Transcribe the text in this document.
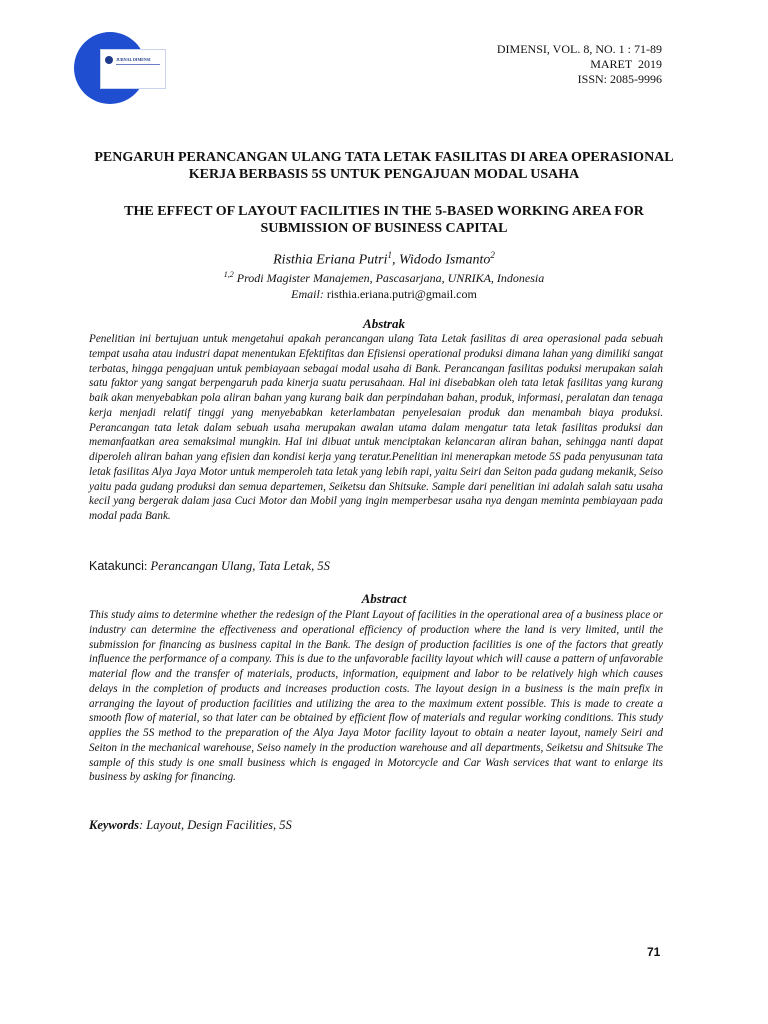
JURNAL DIMENSI
DIMENSI, VOL. 8, NO. 1 : 71-89
MARET  2019
ISSN: 2085-9996
PENGARUH PERANCANGAN ULANG TATA LETAK FASILITAS DI AREA OPERASIONAL KERJA BERBASIS 5S UNTUK PENGAJUAN MODAL USAHA
THE EFFECT OF LAYOUT FACILITIES IN THE 5-BASED WORKING AREA FOR SUBMISSION OF BUSINESS CAPITAL
Risthia Eriana Putri$^1$, Widodo Ismanto$^2$
$^{1,2}$ Prodi Magister Manajemen, Pascasarjana, UNRIKA, Indonesia
Email: risthia.eriana.putri@gmail.com
Abstrak
Penelitian ini bertujuan untuk mengetahui apakah perancangan ulang Tata Letak fasilitas di area operasional pada sebuah tempat usaha atau industri dapat menentukan Efektifitas dan Efisiensi operational produksi dimana lahan yang dimiliki sangat terbatas, hingga pengajuan untuk pembiayaan sebagai modal usaha di Bank. Perancangan fasilitas poduksi merupakan salah satu faktor yang sangat berpengaruh pada kinerja suatu perusahaan. Hal ini disebabkan oleh tata letak fasilitas yang kurang baik akan menyebabkan pola aliran bahan yang kurang baik dan perpindahan bahan, produk, informasi, peralatan dan tenaga kerja menjadi relatif tinggi yang menyebabkan keterlambatan penyelesaian produk dan menambah biaya produksi. Perancangan tata letak dalam sebuah usaha merupakan awalan utama dalam mengatur tata letak fasilitas produksi dan memanfaatkan area semaksimal mungkin. Hal ini dibuat untuk menciptakan kelancaran aliran bahan, sehingga nanti dapat diperoleh aliran bahan yang efisien dan kondisi kerja yang teratur.Penelitian ini menerapkan metode 5S pada penyusunan tata letak fasilitas Alya Jaya Motor untuk memperoleh tata letak yang lebih rapi, yaitu Seiri dan Seiton pada gudang mekanik, Seiso yaitu pada gudang produksi dan semua departemen, Seiketsu dan Shitsuke. Sample dari penelitian ini adalah salah satu usaha kecil yang bergerak dalam jasa Cuci Motor dan Mobil yang ingin memperbesar usaha nya dengan meminta pembiayaan pada modal pada Bank.
Katakunci: Perancangan Ulang, Tata Letak, 5S
Abstract
This study aims to determine whether the redesign of the Plant Layout of facilities in the operational area of a business place or industry can determine the effectiveness and operational efficiency of production where the land is very limited, until the submission for financing as business capital in the Bank. The design of production facilities is one of the factors that greatly influence the performance of a company. This is due to the unfavorable facility layout which will cause a pattern of unfavorable material flow and the transfer of materials, products, information, equipment and labor to be relatively high which causes delays in the completion of products and increases production costs. The layout design in a business is the main prefix in arranging the layout of production facilities and utilizing the area to the maximum extent possible. This is made to create a smooth flow of material, so that later can be obtained by efficient flow of materials and regular working conditions. This study applies the 5S method to the preparation of the Alya Jaya Motor facility layout to obtain a neater layout, namely Seiri and Seiton in the mechanical warehouse, Seiso namely in the production warehouse and all departments, Seiketsu and Shitsuke The sample of this study is one small business which is engaged in Motorcycle and Car Wash services that want to enlarge its business by asking for financing.
Keywords: Layout, Design Facilities, 5S
71
